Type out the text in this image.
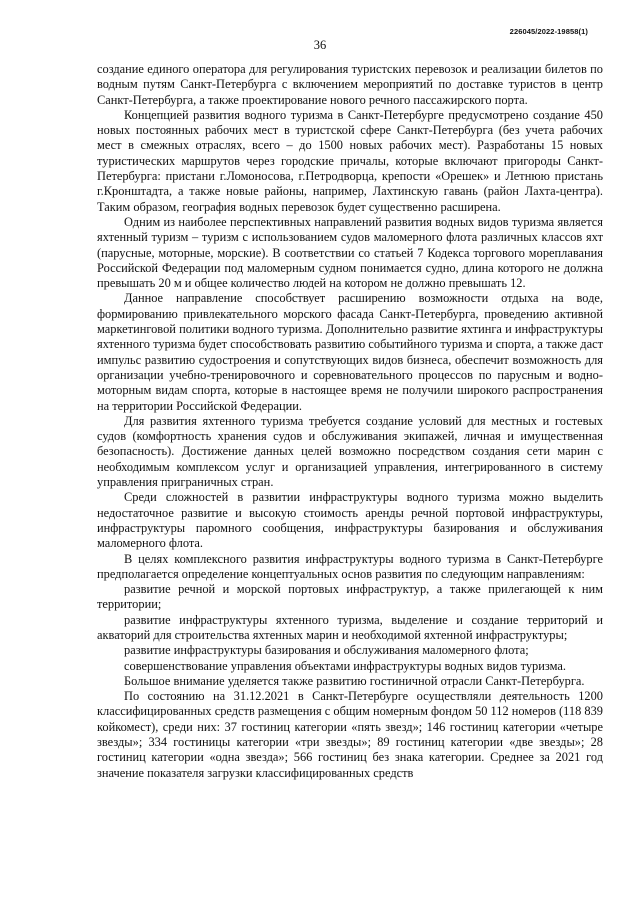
226045/2022-19858(1)
36

создание единого оператора для регулирования туристских перевозок и реализации билетов по водным путям Санкт-Петербурга с включением мероприятий по доставке туристов в центр Санкт-Петербурга, а также проектирование нового речного пассажирского порта.

Концепцией развития водного туризма в Санкт-Петербурге предусмотрено создание 450 новых постоянных рабочих мест в туристской сфере Санкт-Петербурга (без учета рабочих мест в смежных отраслях, всего – до 1500 новых рабочих мест). Разработаны 15 новых туристических маршрутов через городские причалы, которые включают пригороды Санкт-Петербурга: пристани г.Ломоносова, г.Петродворца, крепости «Орешек» и Летнюю пристань г.Кронштадта, а также новые районы, например, Лахтинскую гавань (район Лахта-центра). Таким образом, география водных перевозок будет существенно расширена.

Одним из наиболее перспективных направлений развития водных видов туризма является яхтенный туризм – туризм с использованием судов маломерного флота различных классов яхт (парусные, моторные, морские). В соответствии со статьей 7 Кодекса торгового мореплавания Российской Федерации под маломерным судном понимается судно, длина которого не должна превышать 20 м и общее количество людей на котором не должно превышать 12.

Данное направление способствует расширению возможности отдыха на воде, формированию привлекательного морского фасада Санкт-Петербурга, проведению активной маркетинговой политики водного туризма. Дополнительно развитие яхтинга и инфраструктуры яхтенного туризма будет способствовать развитию событийного туризма и спорта, а также даст импульс развитию судостроения и сопутствующих видов бизнеса, обеспечит возможность для организации учебно-тренировочного и соревновательного процессов по парусным и водно-моторным видам спорта, которые в настоящее время не получили широкого распространения на территории Российской Федерации.

Для развития яхтенного туризма требуется создание условий для местных и гостевых судов (комфортность хранения судов и обслуживания экипажей, личная и имущественная безопасность). Достижение данных целей возможно посредством создания сети марин с необходимым комплексом услуг и организацией управления, интегрированного в систему управления приграничных стран.

Среди сложностей в развитии инфраструктуры водного туризма можно выделить недостаточное развитие и высокую стоимость аренды речной портовой инфраструктуры, инфраструктуры паромного сообщения, инфраструктуры базирования и обслуживания маломерного флота.

В целях комплексного развития инфраструктуры водного туризма в Санкт-Петербурге предполагается определение концептуальных основ развития по следующим направлениям:

развитие речной и морской портовых инфраструктур, а также прилегающей к ним территории;

развитие инфраструктуры яхтенного туризма, выделение и создание территорий и акваторий для строительства яхтенных марин и необходимой яхтенной инфраструктуры;

развитие инфраструктуры базирования и обслуживания маломерного флота;

совершенствование управления объектами инфраструктуры водных видов туризма.

Большое внимание уделяется также развитию гостиничной отрасли Санкт-Петербурга.

По состоянию на 31.12.2021 в Санкт-Петербурге осуществляли деятельность 1200 классифицированных средств размещения с общим номерным фондом 50 112 номеров (118 839 койкомест), среди них: 37 гостиниц категории «пять звезд»; 146 гостиниц категории «четыре звезды»; 334 гостиницы категории «три звезды»; 89 гостиниц категории «две звезды»; 28 гостиниц категории «одна звезда»; 566 гостиниц без знака категории. Среднее за 2021 год значение показателя загрузки классифицированных средств
